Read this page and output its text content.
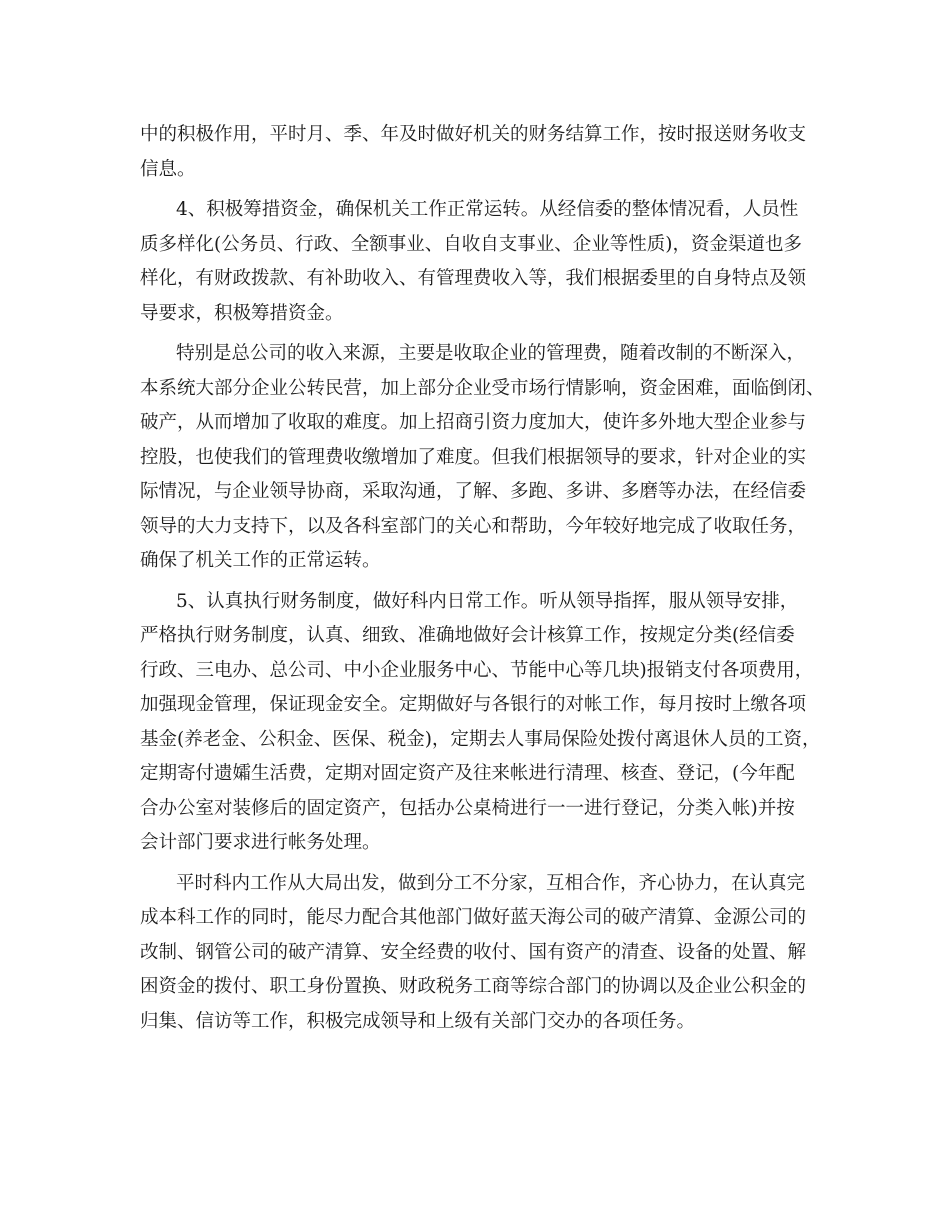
中的积极作用，平时月、季、年及时做好机关的财务结算工作，按时报送财务收支
信息。
4、积极筹措资金，确保机关工作正常运转。从经信委的整体情况看，人员性
质多样化(公务员、行政、全额事业、自收自支事业、企业等性质)，资金渠道也多
样化，有财政拨款、有补助收入、有管理费收入等，我们根据委里的自身特点及领
导要求，积极筹措资金。
特别是总公司的收入来源，主要是收取企业的管理费，随着改制的不断深入，
本系统大部分企业公转民营，加上部分企业受市场行情影响，资金困难，面临倒闭、
破产，从而增加了收取的难度。加上招商引资力度加大，使许多外地大型企业参与
控股，也使我们的管理费收缴增加了难度。但我们根据领导的要求，针对企业的实
际情况，与企业领导协商，采取沟通，了解、多跑、多讲、多磨等办法，在经信委
领导的大力支持下，以及各科室部门的关心和帮助，今年较好地完成了收取任务，
确保了机关工作的正常运转。
5、认真执行财务制度，做好科内日常工作。听从领导指挥，服从领导安排，
严格执行财务制度，认真、细致、准确地做好会计核算工作，按规定分类(经信委
行政、三电办、总公司、中小企业服务中心、节能中心等几块)报销支付各项费用，
加强现金管理，保证现金安全。定期做好与各银行的对帐工作，每月按时上缴各项
基金(养老金、公积金、医保、税金)，定期去人事局保险处拨付离退休人员的工资，
定期寄付遗孀生活费，定期对固定资产及往来帐进行清理、核查、登记，(今年配
合办公室对装修后的固定资产，包括办公桌椅进行一一进行登记，分类入帐)并按
会计部门要求进行帐务处理。
平时科内工作从大局出发，做到分工不分家，互相合作，齐心协力，在认真完
成本科工作的同时，能尽力配合其他部门做好蓝天海公司的破产清算、金源公司的
改制、钢管公司的破产清算、安全经费的收付、国有资产的清查、设备的处置、解
困资金的拨付、职工身份置换、财政税务工商等综合部门的协调以及企业公积金的
归集、信访等工作，积极完成领导和上级有关部门交办的各项任务。
